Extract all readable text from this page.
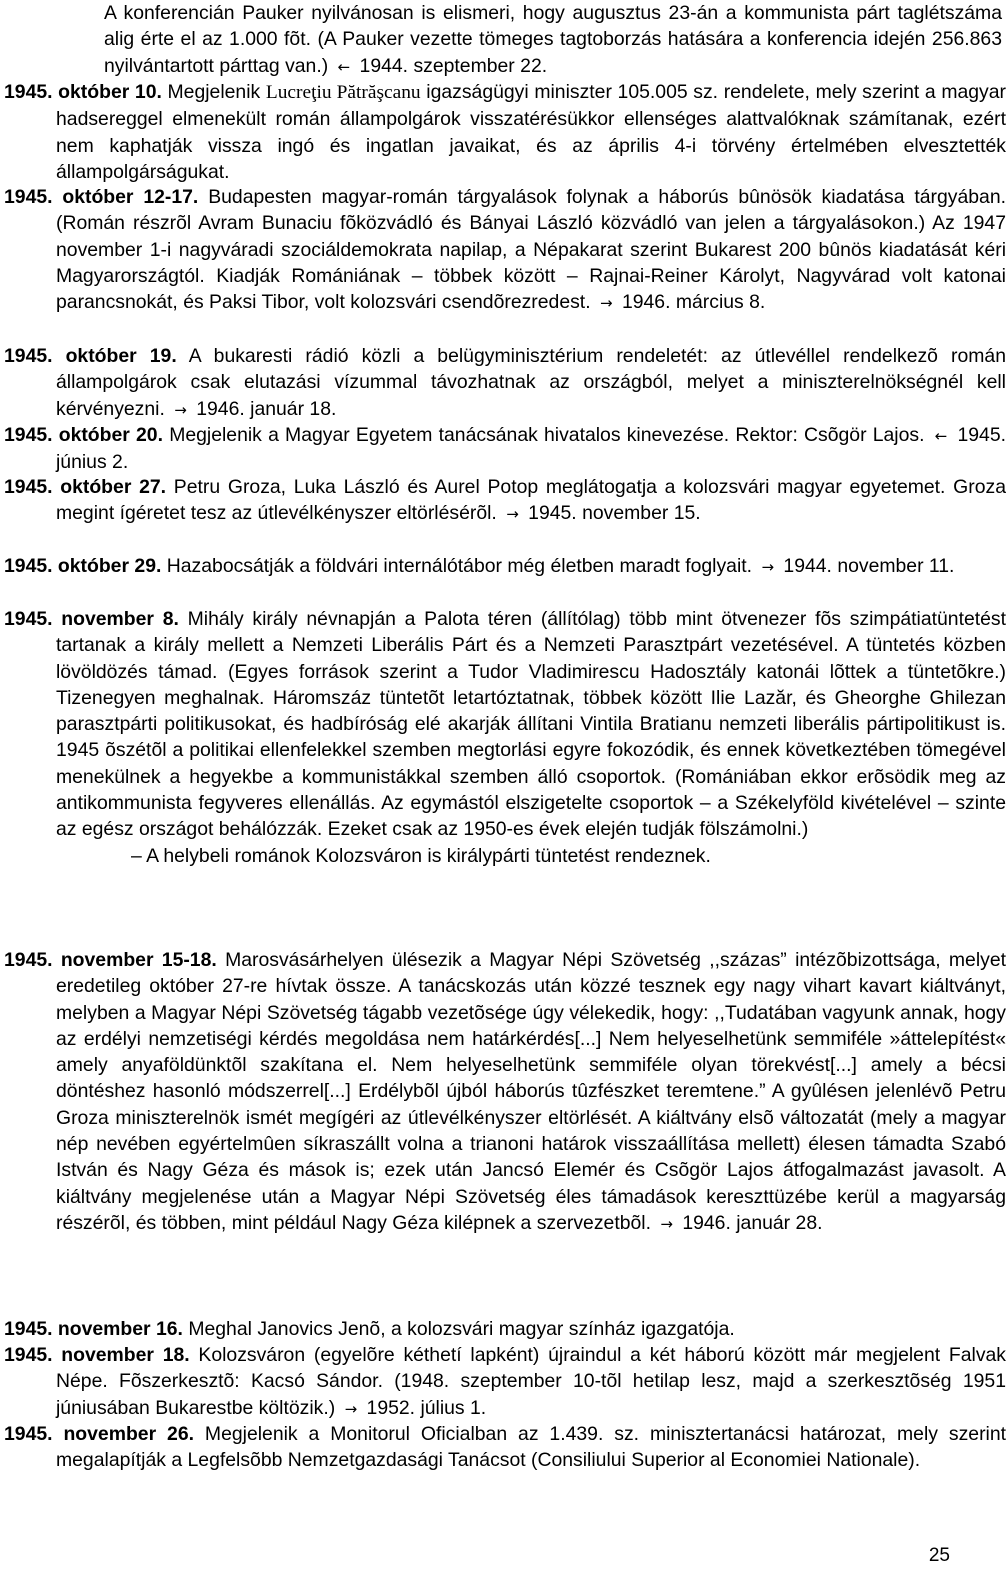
A konferencián Pauker nyilvánosan is elismeri, hogy augusztus 23-án a kommunista párt taglétszáma alig érte el az 1.000 fõt. (A Pauker vezette tömeges tagtoborzás hatására a konferencia idején 256.863 nyilvántartott párttag van.) ← 1944. szeptember 22.
1945. október 10. Megjelenik Lucreţiu Pătrăşcanu igazságügyi miniszter 105.005 sz. rendelete, mely szerint a magyar hadsereggel elmenekült román állampolgárok visszatérésükkor ellenséges alattvalóknak számítanak, ezért nem kaphatják vissza ingó és ingatlan javaikat, és az április 4-i törvény értelmében elvesztették állampolgárságukat.
1945. október 12-17. Budapesten magyar-román tárgyalások folynak a háborús bûnösök kiadatása tárgyában. (Román részrõl Avram Bunaciu fõközvádló és Bányai László közvádló van jelen a tárgyalásokon.) Az 1947 november 1-i nagyváradi szociáldemokrata napilap, a Népakarat szerint Bukarest 200 bûnös kiadatását kéri Magyarországtól. Kiadják Romániának – többek között – Rajnai-Reiner Károlyt, Nagyvárad volt katonai parancsnokát, és Paksi Tibor, volt kolozsvári csendõrezredest. → 1946. március 8.
1945. október 19. A bukaresti rádió közli a belügyminisztérium rendeletét: az útlevéllel rendelkezõ román állampolgárok csak elutazási vízummal távozhatnak az országból, melyet a miniszterelnökségnél kell kérvényezni. → 1946. január 18.
1945. október 20. Megjelenik a Magyar Egyetem tanácsának hivatalos kinevezése. Rektor: Csõgör Lajos. ← 1945. június 2.
1945. október 27. Petru Groza, Luka László és Aurel Potop meglátogatja a kolozsvári magyar egyetemet. Groza megint ígéretet tesz az útlevélkényszer eltörlésérõl. → 1945. november 15.
1945. október 29. Hazabocsátják a földvári internálótábor még életben maradt foglyait. → 1944. november 11.
1945. november 8. Mihály király névnapján a Palota téren (állítólag) több mint ötvenezer fõs szimpátiatüntetést tartanak a király mellett a Nemzeti Liberális Párt és a Nemzeti Parasztpárt vezetésével. A tüntetés közben lövöldözés támad. (Egyes források szerint a Tudor Vladimirescu Hadosztály katonái lõttek a tüntetõkre.) Tizenegyen meghalnak. Háromszáz tüntetõt letartóztatnak, többek között Ilie Lazăr, és Gheorghe Ghilezan parasztpárti politikusokat, és hadbíróság elé akarják állítani Vintila Bratianu nemzeti liberális pártipolitikust is. 1945 õszétõl a politikai ellenfelekkel szemben megtorlási egyre fokozódik, és ennek következtében tömegével menekülnek a hegyekbe a kommunistákkal szemben álló csoportok. (Romániában ekkor erõsödik meg az antikommunista fegyveres ellenállás. Az egymástól elszigetelte csoportok – a Székelyföld kivételével – szinte az egész országot behálózzák. Ezeket csak az 1950-es évek elején tudják fölszámolni.)
– A helybeli románok Kolozsváron is királypárti tüntetést rendeznek.
1945. november 15-18. Marosvásárhelyen ülésezik a Magyar Népi Szövetség ,,százas” intézõbizottsága, melyet eredetileg október 27-re hívtak össze. A tanácskozás után közzé tesznek egy nagy vihart kavart kiáltványt, melyben a Magyar Népi Szövetség tágabb vezetõsége úgy vélekedik, hogy: ,,Tudatában vagyunk annak, hogy az erdélyi nemzetiségi kérdés megoldása nem határkérdés[...] Nem helyeselhetünk semmiféle »áttelepítést« amely anyaföldünktõl szakítana el. Nem helyeselhetünk semmiféle olyan törekvést[...] amely a bécsi döntéshez hasonló módszerrel[...] Erdélybõl újból háborús tûzfészket teremtene.” A gyûlésen jelenlévõ Petru Groza miniszterelnök ismét megígéri az útlevélkényszer eltörlését. A kiáltvány elsõ változatát (mely a magyar nép nevében egyértelmûen síkraszállt volna a trianoni határok visszaállítása mellett) élesen támadta Szabó István és Nagy Géza és mások is; ezek után Jancsó Elemér és Csõgör Lajos átfogalmazást javasolt. A kiáltvány megjelenése után a Magyar Népi Szövetség éles támadások kereszttüzébe kerül a magyarság részérõl, és többen, mint például Nagy Géza kilépnek a szervezetbõl. → 1946. január 28.
1945. november 16. Meghal Janovics Jenõ, a kolozsvári magyar színház igazgatója.
1945. november 18. Kolozsváron (egyelõre kéthetí lapként) újraindul a két háború között már megjelent Falvak Népe. Fõszerkesztõ: Kacsó Sándor. (1948. szeptember 10-tõl hetilap lesz, majd a szerkesztõség 1951 júniusában Bukarestbe költözik.) → 1952. július 1.
1945. november 26. Megjelenik a Monitorul Oficialban az 1.439. sz. minisztertanácsi határozat, mely szerint megalapítják a Legfelsõbb Nemzetgazdasági Tanácsot (Consiliului Superior al Economiei Nationale).
25
